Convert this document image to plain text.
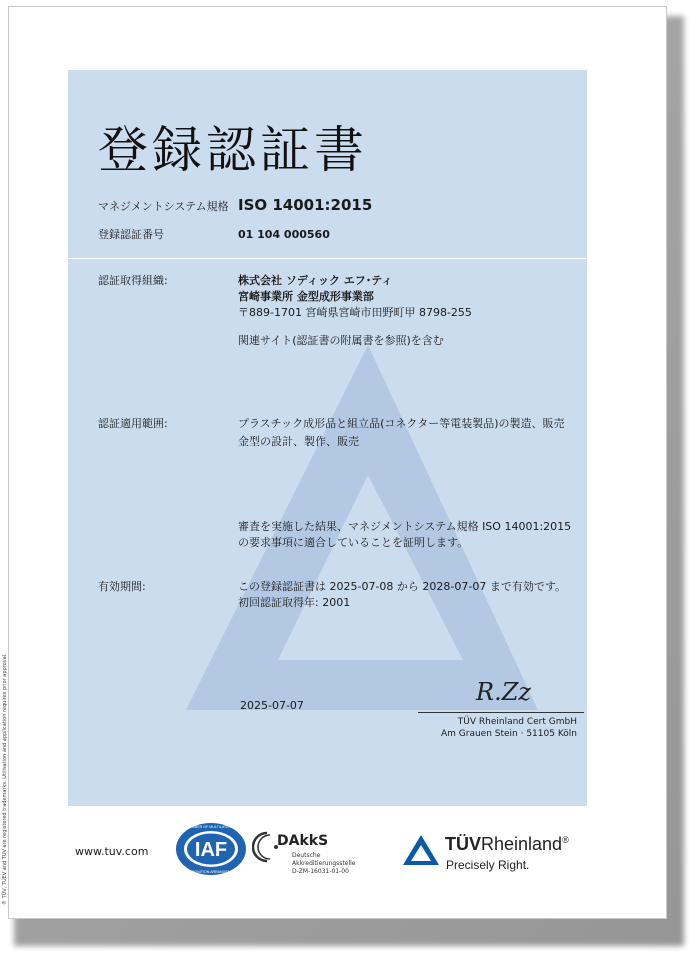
登録認証書
マネジメントシステム規格 ISO 14001:2015
登録認証番号	01 104 000560
認証取得組織:	株式会社 ソディック エフ･ティ
宮崎事業所 金型成形事業部
〒889-1701 宮崎県宮崎市田野町甲 8798-255
関連サイト(認証書の附属書を参照)を含む
認証適用範囲:	プラスチック成形品と組立品(コネクター等電装製品)の製造、販売
金型の設計、製作、販売
審査を実施した結果、マネジメントシステム規格 ISO 14001:2015
の要求事項に適合していることを証明します。
有効期間:	この登録認証書は 2025-07-08 から 2028-07-07 まで有効です。
初回認証取得年: 2001
2025-07-07	R.Zz
TÜV Rheinland Cert GmbH
Am Grauen Stein · 51105 Köln
www.tuv.com IAF
MEMBER OF MULTILATERAL
RECOGNITION ARRANGEMENT
DAkkS
Deutsche
Akkreditierungsstelle
D-ZM-16031-01-00
TÜVRheinland®
Precisely Right.
® TÜV, TUEV and TUV are registered trademarks. Utilisation and application requires prior approval.
